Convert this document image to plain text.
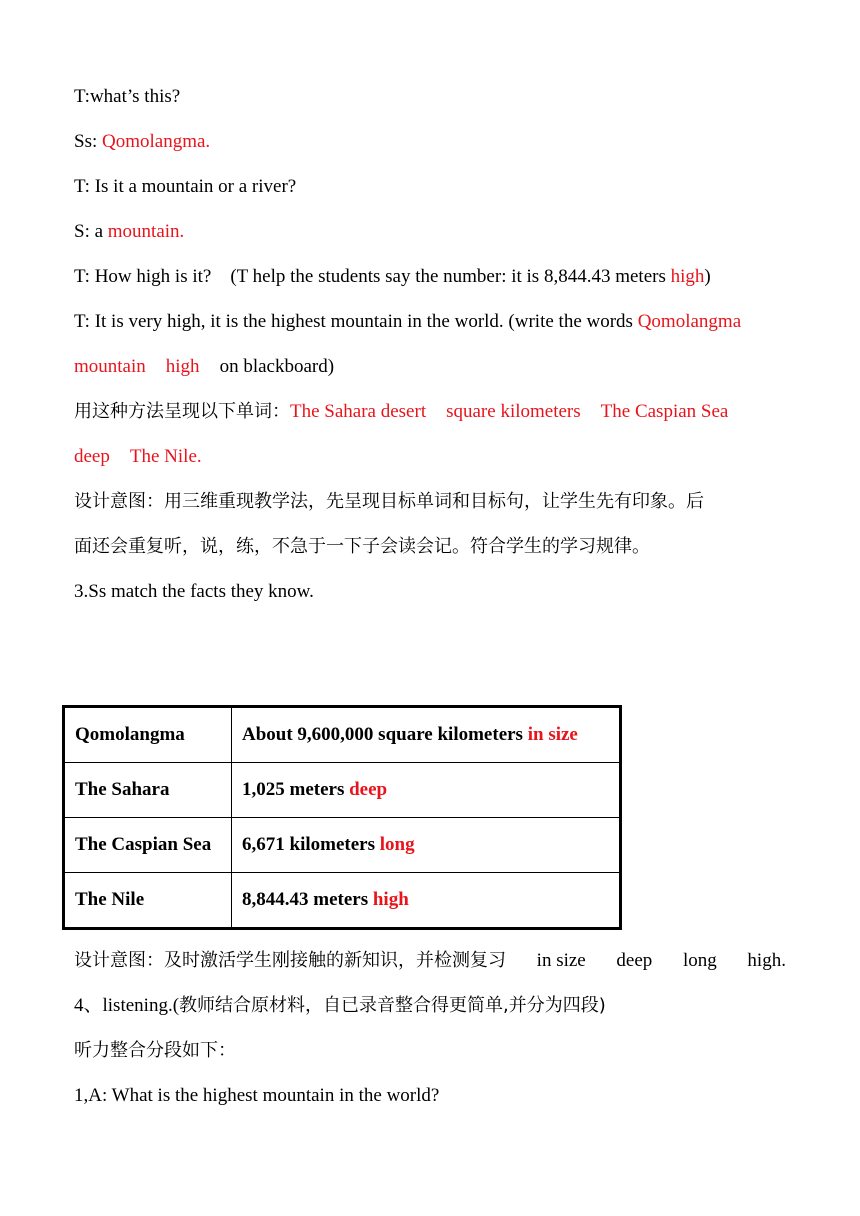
T:what’s this?
Ss: Qomolangma.
T: Is it a mountain or a river?
S: a mountain.
T: How high is it?    (T help the students say the number: it is 8,844.43 meters high)
T: It is very high, it is the highest mountain in the world. (write the words Qomolangma
mountain high on blackboard)
用这种方法呈现以下单词：The Sahara desert square kilometers The Caspian Sea
deep The Nile.
设计意图：用三维重现教学法，先呈现目标单词和目标句，让学生先有印象。后
面还会重复听，说，练，不急于一下子会读会记。符合学生的学习规律。
3.Ss match the facts they know.
Qomolangma	About 9,600,000 square kilometers in size
The Sahara	1,025 meters deep
The Caspian Sea	6,671 kilometers long
The Nile	8,844.43 meters high
设计意图：及时激活学生刚接触的新知识，并检测复习 in size deep long high.
4、listening.(教师结合原材料，自已录音整合得更简单,并分为四段)
听力整合分段如下：
1,A: What is the highest mountain in the world?
